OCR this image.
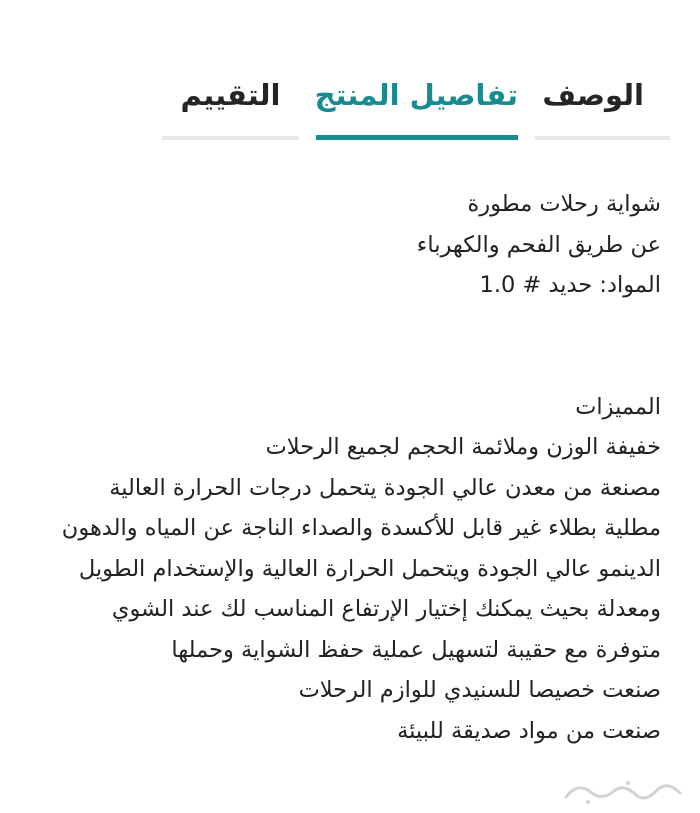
الوصف
تفاصيل المنتج
التقييم
شواية رحلات مطورة
عن طريق الفحم والكهرباء
المواد: حديد # 1.0
المميزات
خفيفة الوزن وملائمة الحجم لجميع الرحلات
مصنعة من معدن عالي الجودة يتحمل درجات الحرارة العالية
مطلية بطلاء غير قابل للأكسدة والصداء الناجة عن المياه والدهون
الدينمو عالي الجودة ويتحمل الحرارة العالية والإستخدام الطويل
ومعدلة بحيث يمكنك إختيار الإرتفاع المناسب لك عند الشوي
متوفرة مع حقيبة لتسهيل عملية حفظ الشواية وحملها
صنعت خصيصا للسنيدي للوازم الرحلات
صنعت من مواد صديقة للبيئة
